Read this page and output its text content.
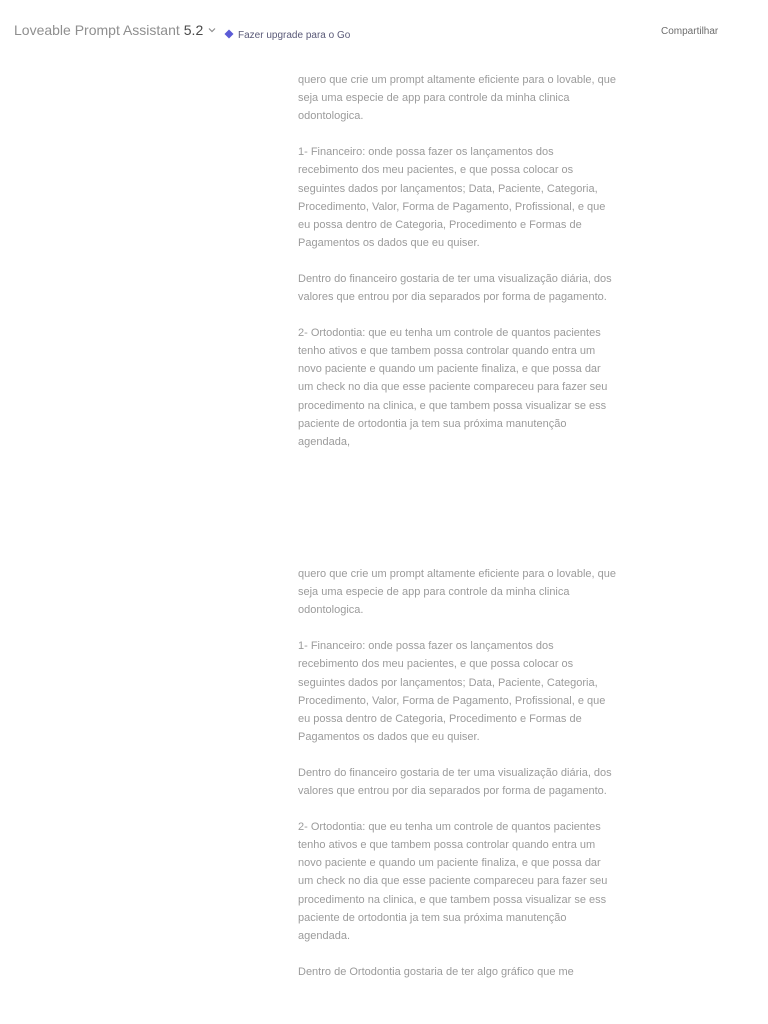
Loveable Prompt Assistant 5.2	Fazer upgrade para o Go	Compartilhar

quero que crie um prompt altamente eficiente para o lovable, que seja uma especie de app para controle da minha clinica odontologica.

1- Financeiro: onde possa fazer os lançamentos dos recebimento dos meu pacientes, e que possa colocar os seguintes dados por lançamentos; Data, Paciente, Categoria, Procedimento, Valor, Forma de Pagamento, Profissional, e que eu possa dentro de Categoria, Procedimento e Formas de Pagamentos os dados que eu quiser.

Dentro do financeiro gostaria de ter uma visualização diária, dos valores que entrou por dia separados por forma de pagamento.

2- Ortodontia: que eu tenha um controle de quantos pacientes tenho ativos e que tambem possa controlar quando entra um novo paciente e quando um paciente finaliza, e que possa dar um check no dia que esse paciente compareceu para fazer seu procedimento na clinica, e que tambem possa visualizar se ess paciente de ortodontia ja tem sua próxima manutenção agendada,

quero que crie um prompt altamente eficiente para o lovable, que seja uma especie de app para controle da minha clinica odontologica.

1- Financeiro: onde possa fazer os lançamentos dos recebimento dos meu pacientes, e que possa colocar os seguintes dados por lançamentos; Data, Paciente, Categoria, Procedimento, Valor, Forma de Pagamento, Profissional, e que eu possa dentro de Categoria, Procedimento e Formas de Pagamentos os dados que eu quiser.

Dentro do financeiro gostaria de ter uma visualização diária, dos valores que entrou por dia separados por forma de pagamento.

2- Ortodontia: que eu tenha um controle de quantos pacientes tenho ativos e que tambem possa controlar quando entra um novo paciente e quando um paciente finaliza, e que possa dar um check no dia que esse paciente compareceu para fazer seu procedimento na clinica, e que tambem possa visualizar se ess paciente de ortodontia ja tem sua próxima manutenção agendada.

Dentro de Ortodontia gostaria de ter algo gráfico que me
